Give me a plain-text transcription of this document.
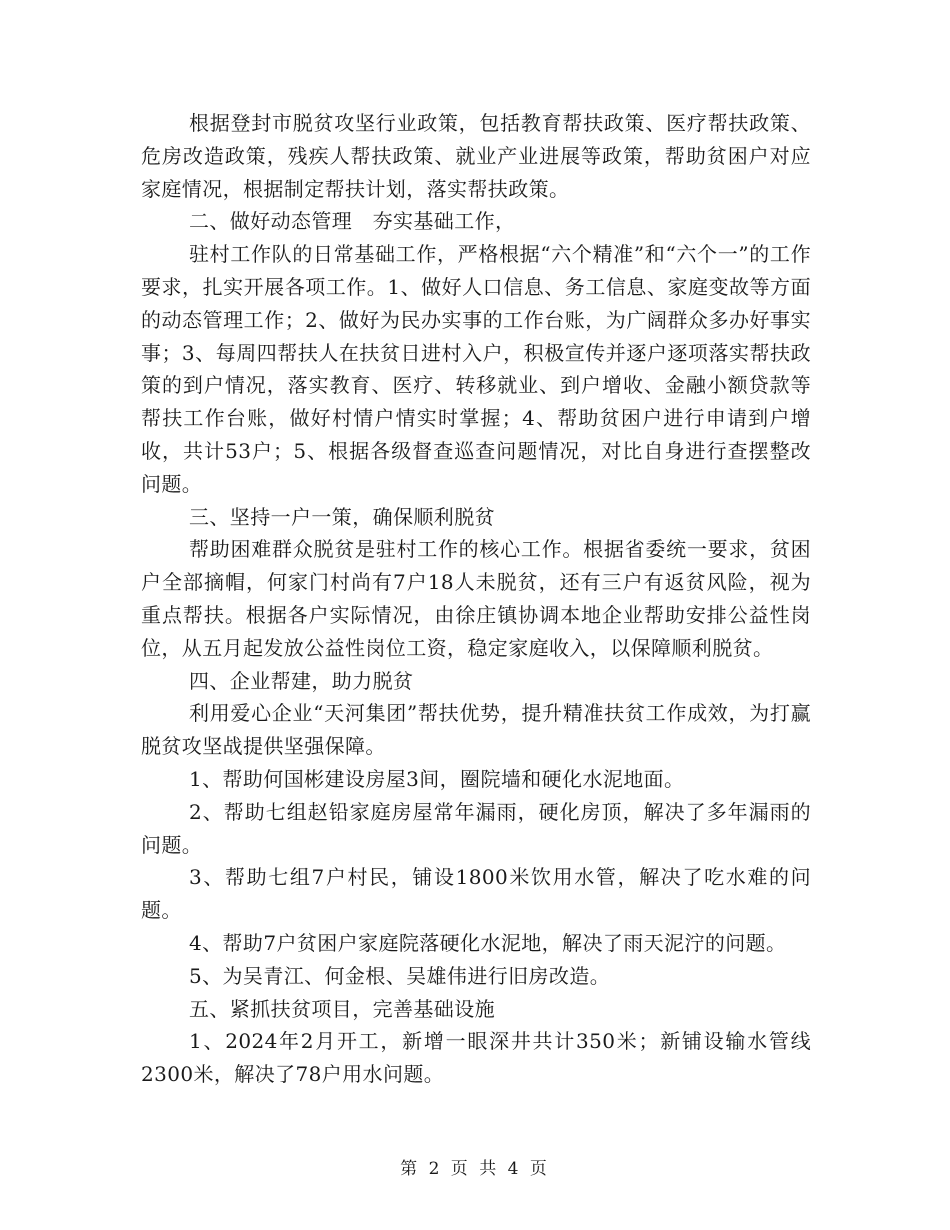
根据登封市脱贫攻坚行业政策，包括教育帮扶政策、医疗帮扶政策、危房改造政策，残疾人帮扶政策、就业产业进展等政策，帮助贫困户对应家庭情况，根据制定帮扶计划，落实帮扶政策。

二、做好动态管理　夯实基础工作，

驻村工作队的日常基础工作，严格根据“六个精准”和“六个一”的工作要求，扎实开展各项工作。1、做好人口信息、务工信息、家庭变故等方面的动态管理工作；2、做好为民办实事的工作台账，为广阔群众多办好事实事；3、每周四帮扶人在扶贫日进村入户，积极宣传并逐户逐项落实帮扶政策的到户情况，落实教育、医疗、转移就业、到户增收、金融小额贷款等帮扶工作台账，做好村情户情实时掌握；4、帮助贫困户进行申请到户增收，共计53户；5、根据各级督查巡查问题情况，对比自身进行查摆整改问题。

三、坚持一户一策，确保顺利脱贫

帮助困难群众脱贫是驻村工作的核心工作。根据省委统一要求，贫困户全部摘帽，何家门村尚有7户18人未脱贫，还有三户有返贫风险，视为重点帮扶。根据各户实际情况，由徐庄镇协调本地企业帮助安排公益性岗位，从五月起发放公益性岗位工资，稳定家庭收入，以保障顺利脱贫。

四、企业帮建，助力脱贫

利用爱心企业“天河集团”帮扶优势，提升精准扶贫工作成效，为打赢脱贫攻坚战提供坚强保障。

1、帮助何国彬建设房屋3间，圈院墙和硬化水泥地面。

2、帮助七组赵铅家庭房屋常年漏雨，硬化房顶，解决了多年漏雨的问题。

3、帮助七组7户村民，铺设1800米饮用水管，解决了吃水难的问题。

4、帮助7户贫困户家庭院落硬化水泥地，解决了雨天泥泞的问题。

5、为吴青江、何金根、吴雄伟进行旧房改造。

五、紧抓扶贫项目，完善基础设施

1、2024年2月开工，新增一眼深井共计350米；新铺设输水管线2300米，解决了78户用水问题。

第 2 页 共 4 页
